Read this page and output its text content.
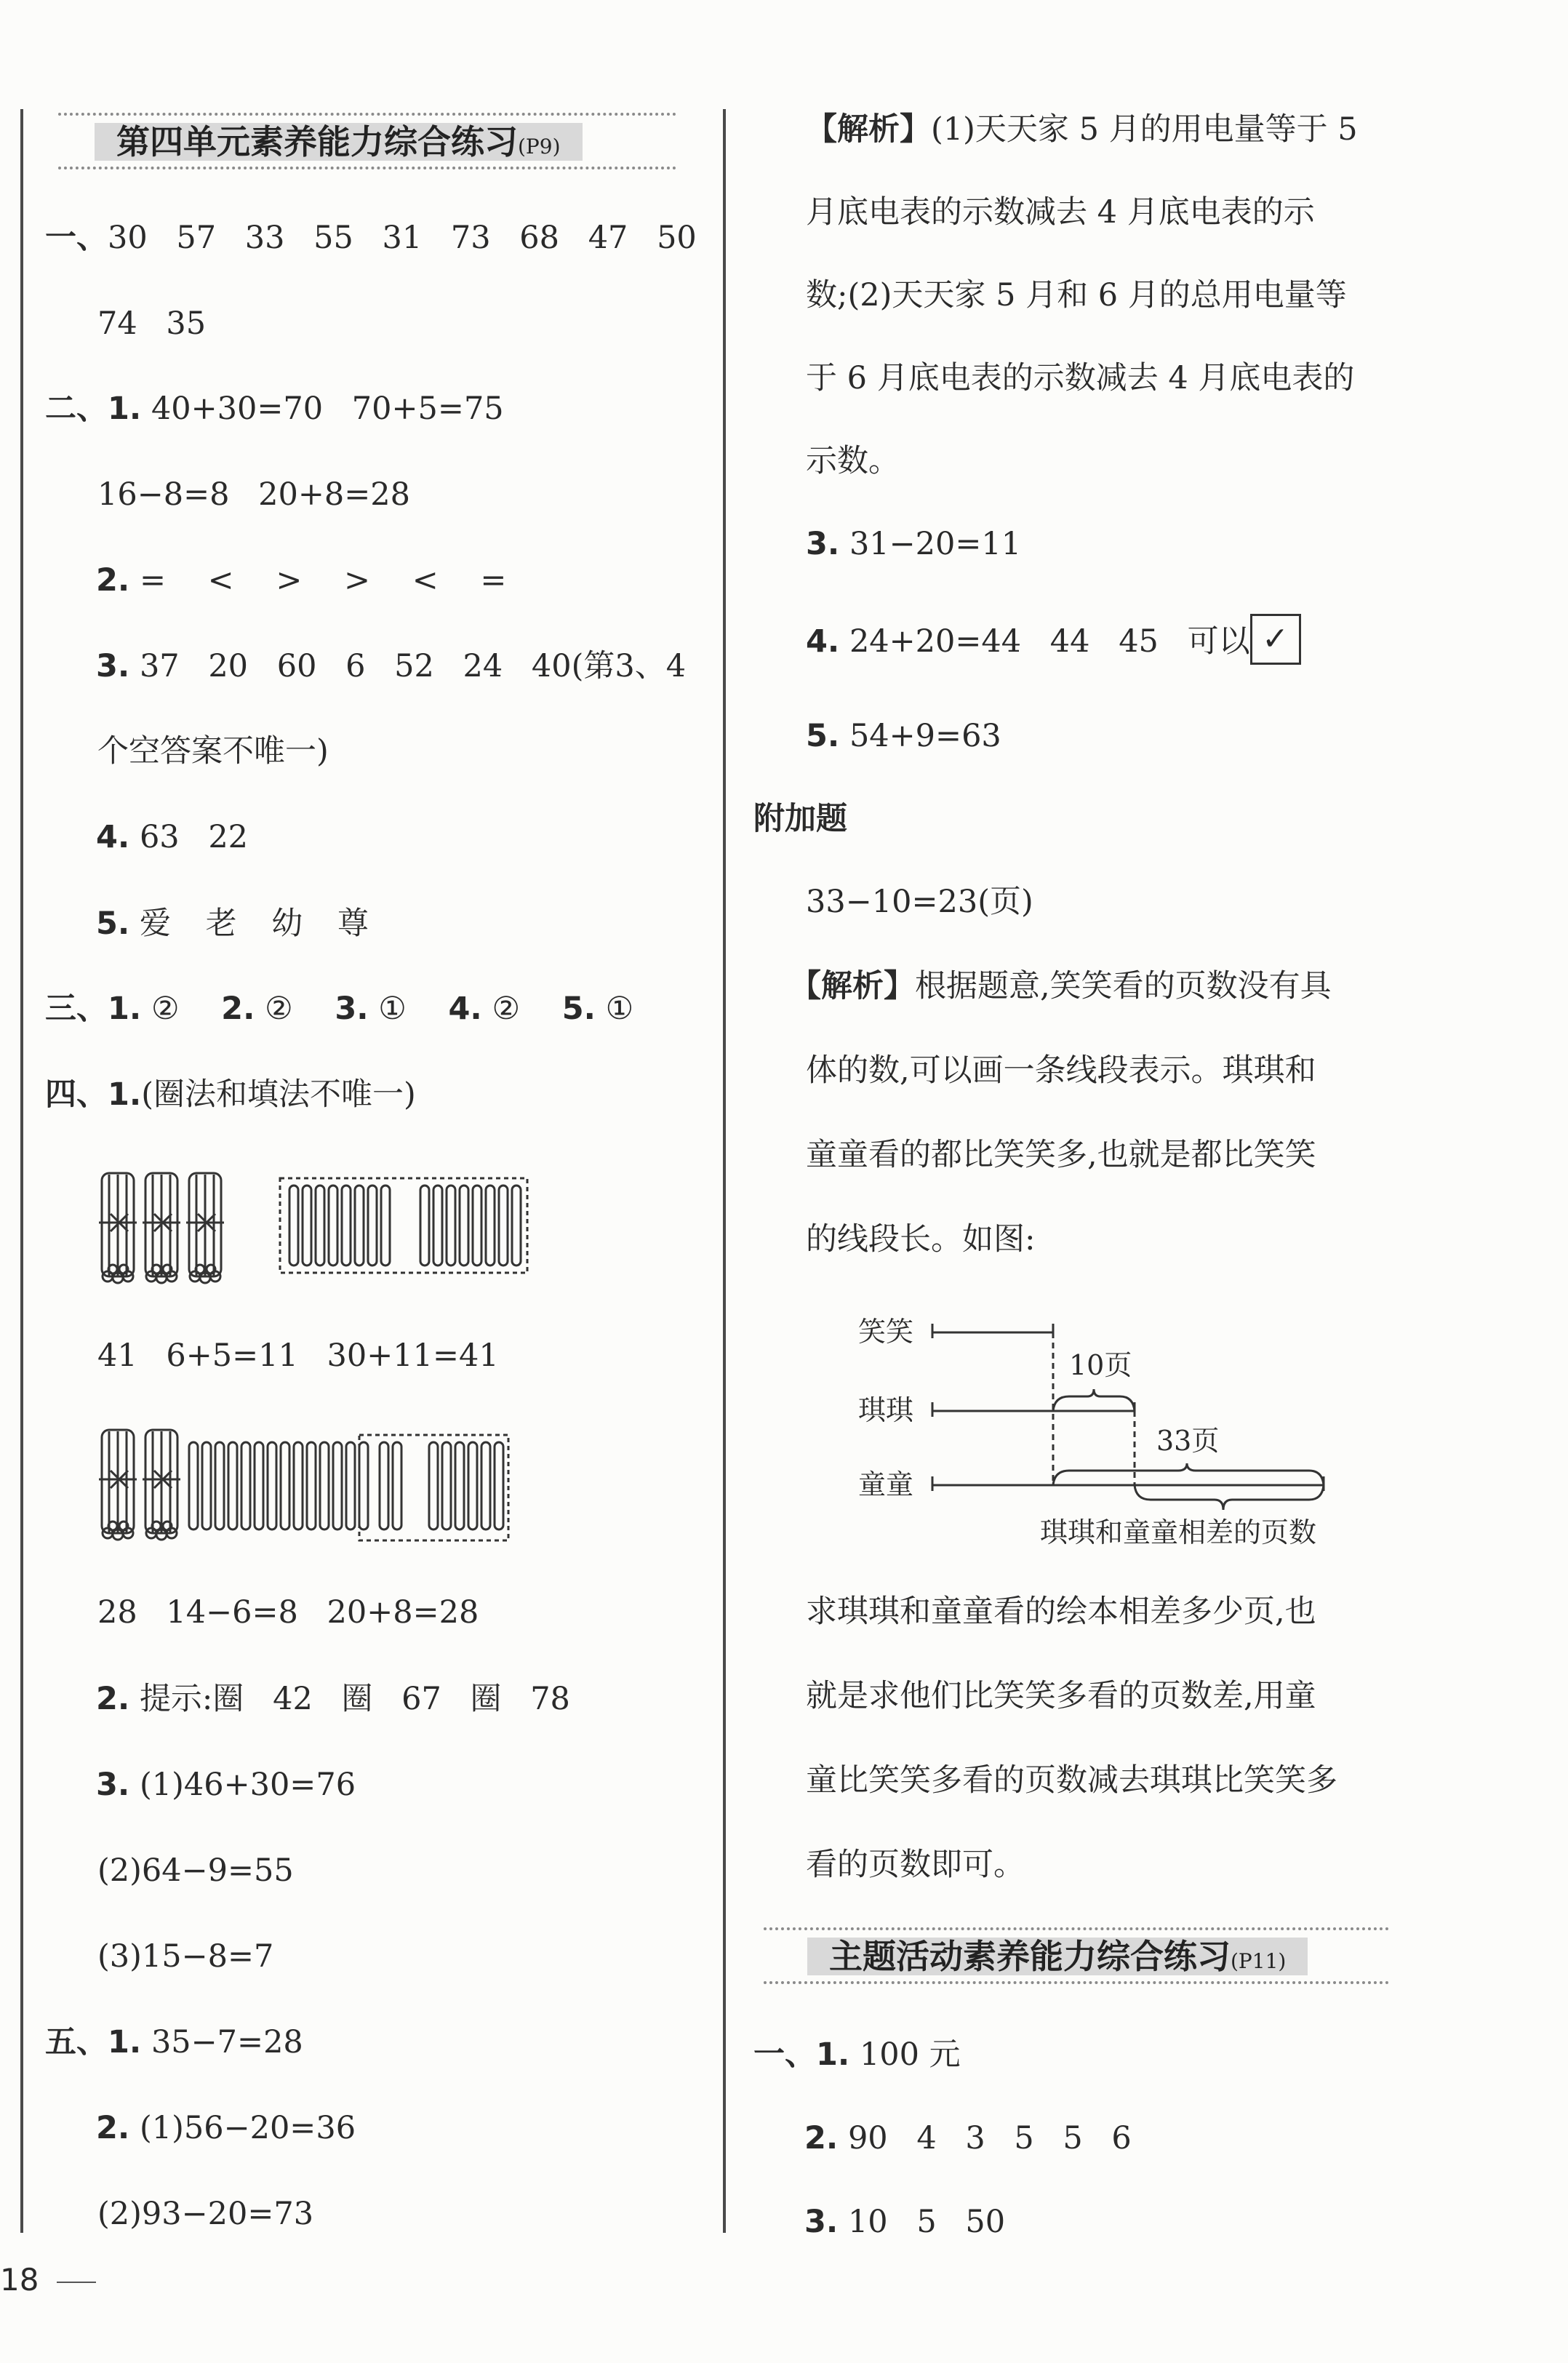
第四单元素养能力综合练习(P9)
一、30 57 33 55 31 73 68 47 50
74 35
二、1. 40+30=70 70+5=75
16−8=8 20+8=28
2. = < > > < =
3. 37 20 60 6 52 24 40(第3、4
个空答案不唯一)
4. 63 22
5. 爱 老 幼 尊
三、1. ② 2. ② 3. ① 4. ② 5. ①
四、1.(圈法和填法不唯一)
41 6+5=11 30+11=41
28 14−6=8 20+8=28
2. 提示:圈 42 圈 67 圈 78
3. (1)46+30=76
(2)64−9=55
(3)15−8=7
五、1. 35−7=28
2. (1)56−20=36
(2)93−20=73
18
【解析】(1)天天家 5 月的用电量等于 5
月底电表的示数减去 4 月底电表的示
数;(2)天天家 5 月和 6 月的总用电量等
于 6 月底电表的示数减去 4 月底电表的
示数。
3. 31−20=11
4. 24+20=44 44 45 可以 ✓
5. 54+9=63
附加题
33−10=23(页)
【解析】根据题意,笑笑看的页数没有具
体的数,可以画一条线段表示。琪琪和
童童看的都比笑笑多,也就是都比笑笑
的线段长。如图:
笑笑
琪琪
童童
10页
33页
琪琪和童童相差的页数
求琪琪和童童看的绘本相差多少页,也
就是求他们比笑笑多看的页数差,用童
童比笑笑多看的页数减去琪琪比笑笑多
看的页数即可。
主题活动素养能力综合练习(P11)
一、1. 100 元
2. 90 4 3 5 5 6
3. 10 5 50
